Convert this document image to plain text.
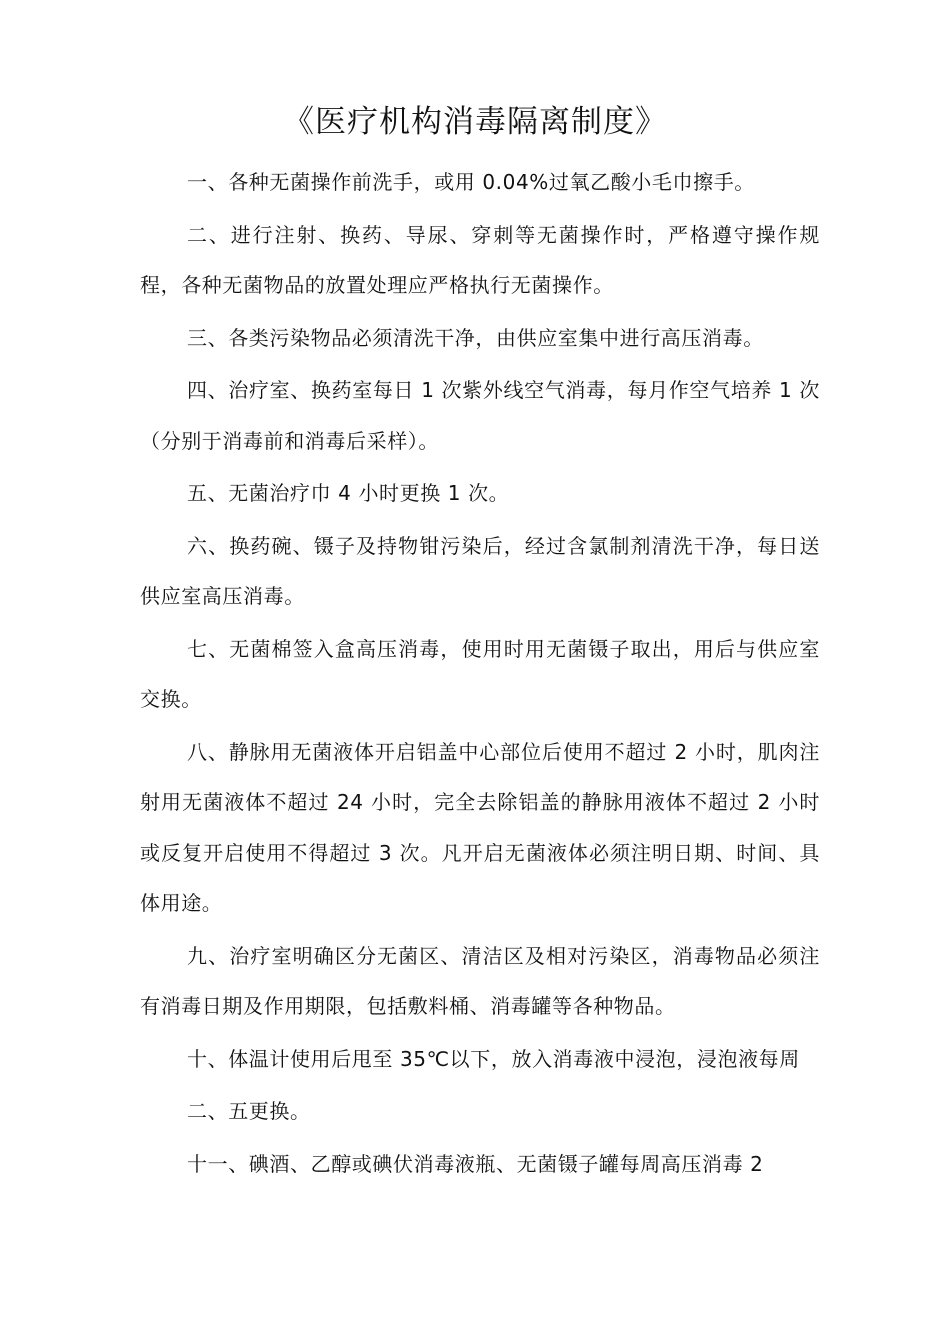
《医疗机构消毒隔离制度》

一、各种无菌操作前洗手，或用 0.04%过氧乙酸小毛巾擦手。

二、进行注射、换药、导尿、穿刺等无菌操作时，严格遵守操作规程，各种无菌物品的放置处理应严格执行无菌操作。

三、各类污染物品必须清洗干净，由供应室集中进行高压消毒。

四、治疗室、换药室每日 1 次紫外线空气消毒，每月作空气培养 1 次（分别于消毒前和消毒后采样）。

五、无菌治疗巾 4 小时更换 1 次。

六、换药碗、镊子及持物钳污染后，经过含氯制剂清洗干净，每日送供应室高压消毒。

七、无菌棉签入盒高压消毒，使用时用无菌镊子取出，用后与供应室交换。

八、静脉用无菌液体开启铝盖中心部位后使用不超过 2 小时，肌肉注射用无菌液体不超过 24 小时，完全去除铝盖的静脉用液体不超过 2 小时或反复开启使用不得超过 3 次。凡开启无菌液体必须注明日期、时间、具体用途。

九、治疗室明确区分无菌区、清洁区及相对污染区，消毒物品必须注有消毒日期及作用期限，包括敷料桶、消毒罐等各种物品。

十、体温计使用后甩至 35℃以下，放入消毒液中浸泡，浸泡液每周

二、五更换。

十一、碘酒、乙醇或碘伏消毒液瓶、无菌镊子罐每周高压消毒 2
